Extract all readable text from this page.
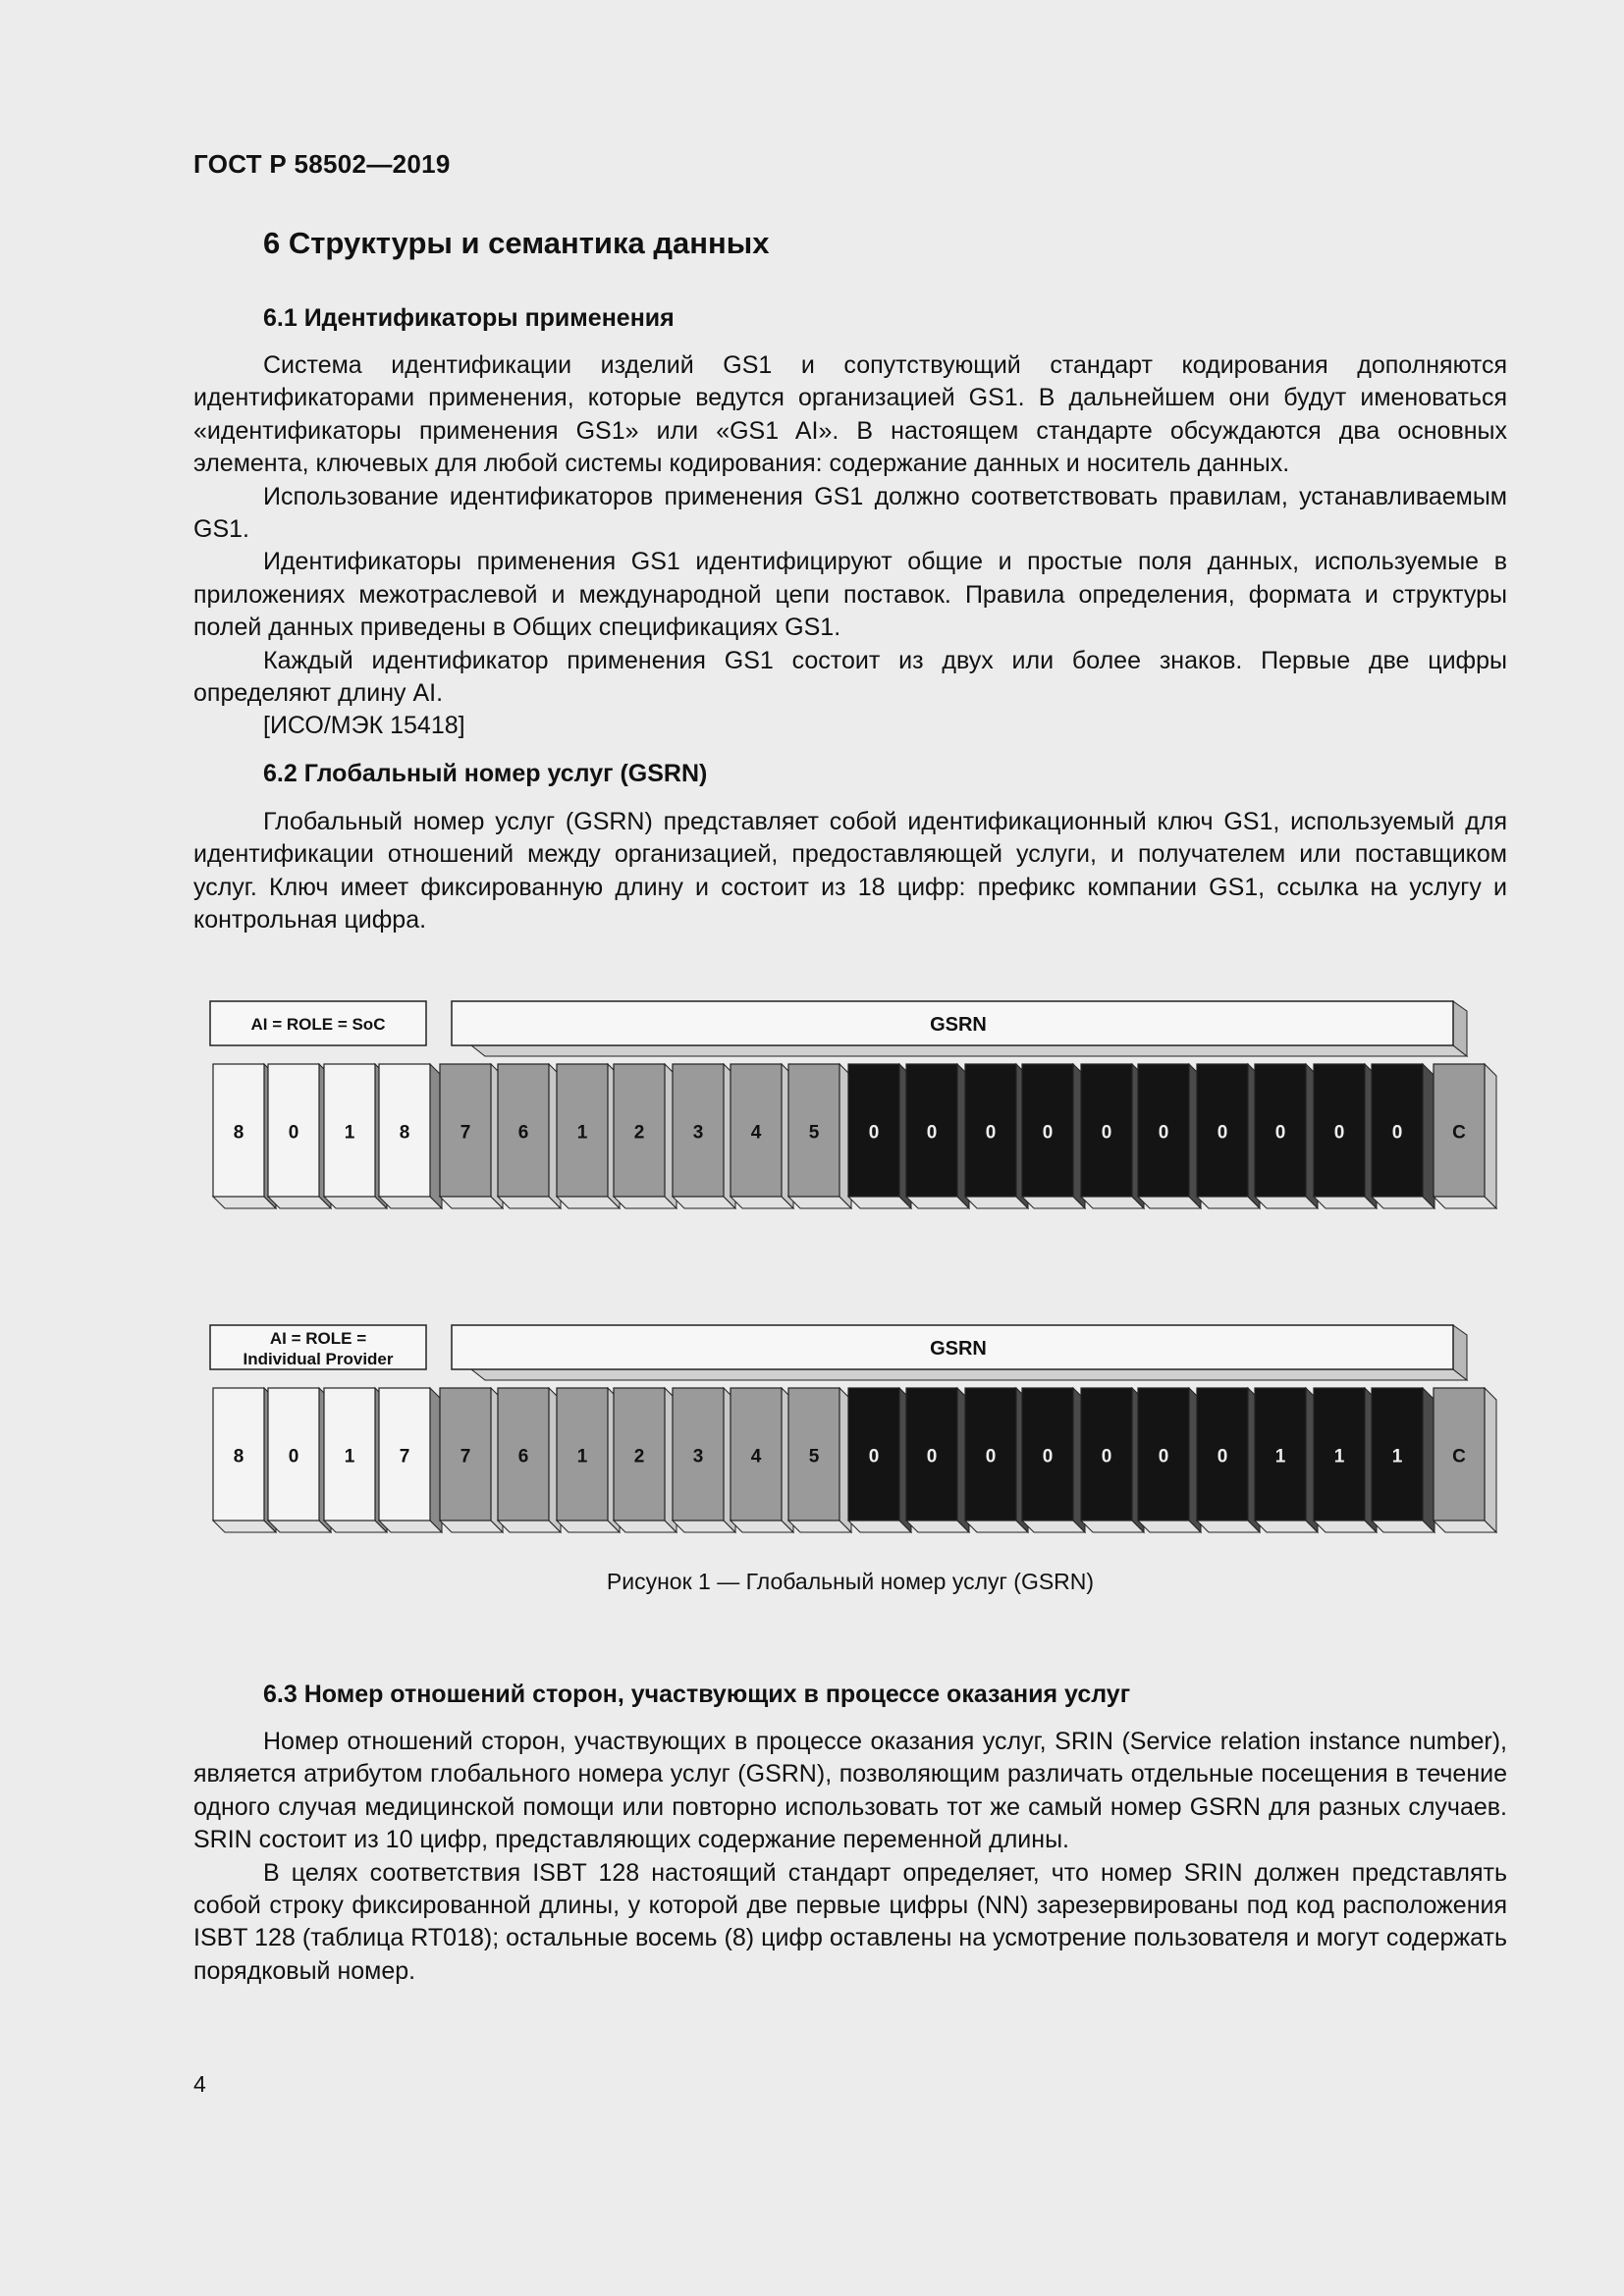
ГОСТ Р 58502—2019
6 Структуры и семантика данных
6.1 Идентификаторы применения

Система идентификации изделий GS1 и сопутствующий стандарт кодирования дополняются идентификаторами применения, которые ведутся организацией GS1. В дальнейшем они будут именоваться «идентификаторы применения GS1» или «GS1 AI». В настоящем стандарте обсуждаются два основных элемента, ключевых для любой системы кодирования: содержание данных и носитель данных.

Использование идентификаторов применения GS1 должно соответствовать правилам, устанавливаемым GS1.

Идентификаторы применения GS1 идентифицируют общие и простые поля данных, используемые в приложениях межотраслевой и международной цепи поставок. Правила определения, формата и структуры полей данных приведены в Общих спецификациях GS1.

Каждый идентификатор применения GS1 состоит из двух или более знаков. Первые две цифры определяют длину AI.

[ИСО/МЭК 15418]

6.2 Глобальный номер услуг (GSRN)

Глобальный номер услуг (GSRN) представляет собой идентификационный ключ GS1, используемый для идентификации отношений между организацией, предоставляющей услуги, и получателем или поставщиком услуг. Ключ имеет фиксированную длину и состоит из 18 цифр: префикс компании GS1, ссылка на услугу и контрольная цифра.

AI = ROLE = SoC	GSRN
8 0 1 8	7	6	1 2	3	4	5	0	0	0 0	0 0	0	0	0	0	C
AI = ROLE =
Individual Provider	GSRN
8 0 1 7	7	6	1 2	3	4	5	0	0	0 0	0 0	0	1	1	1	C
Рисунок 1 — Глобальный номер услуг (GSRN)
6.3 Номер отношений сторон, участвующих в процессе оказания услуг

Номер отношений сторон, участвующих в процессе оказания услуг, SRIN (Service relation instance number), является атрибутом глобального номера услуг (GSRN), позволяющим различать отдельные посещения в течение одного случая медицинской помощи или повторно использовать тот же самый номер GSRN для разных случаев. SRIN состоит из 10 цифр, представляющих содержание переменной длины.

В целях соответствия ISBT 128 настоящий стандарт определяет, что номер SRIN должен представлять собой строку фиксированной длины, у которой две первые цифры (NN) зарезервированы под код расположения ISBT 128 (таблица RT018); остальные восемь (8) цифр оставлены на усмотрение пользователя и могут содержать порядковый номер.

4
